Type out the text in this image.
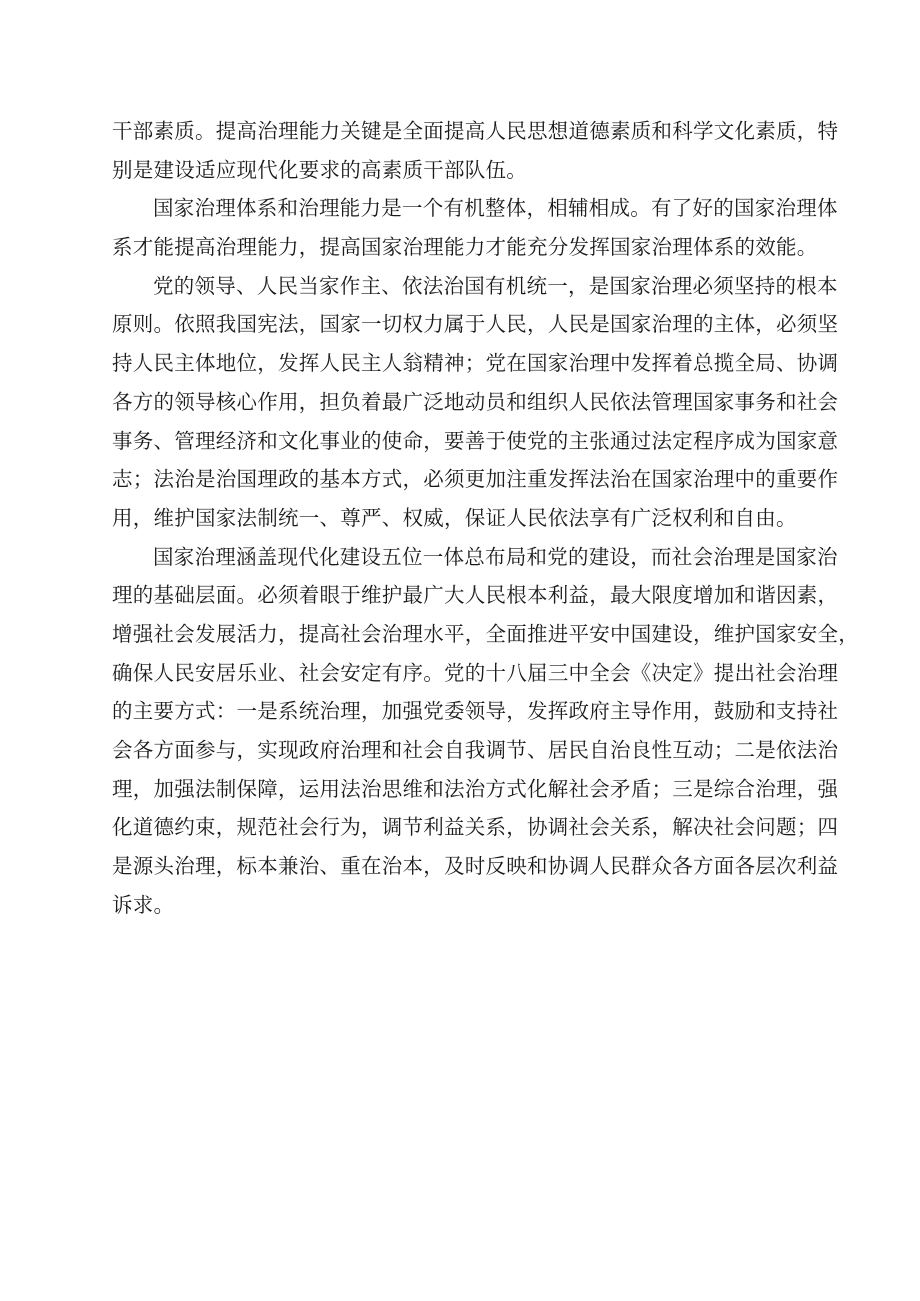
干部素质。提高治理能力关键是全面提高人民思想道德素质和科学文化素质，特
别是建设适应现代化要求的高素质干部队伍。
国家治理体系和治理能力是一个有机整体，相辅相成。有了好的国家治理体
系才能提高治理能力，提高国家治理能力才能充分发挥国家治理体系的效能。
党的领导、人民当家作主、依法治国有机统一，是国家治理必须坚持的根本
原则。依照我国宪法，国家一切权力属于人民，人民是国家治理的主体，必须坚
持人民主体地位，发挥人民主人翁精神；党在国家治理中发挥着总揽全局、协调
各方的领导核心作用，担负着最广泛地动员和组织人民依法管理国家事务和社会
事务、管理经济和文化事业的使命，要善于使党的主张通过法定程序成为国家意
志；法治是治国理政的基本方式，必须更加注重发挥法治在国家治理中的重要作
用，维护国家法制统一、尊严、权威，保证人民依法享有广泛权利和自由。
国家治理涵盖现代化建设五位一体总布局和党的建设，而社会治理是国家治
理的基础层面。必须着眼于维护最广大人民根本利益，最大限度增加和谐因素，
增强社会发展活力，提高社会治理水平，全面推进平安中国建设，维护国家安全，
确保人民安居乐业、社会安定有序。党的十八届三中全会《决定》提出社会治理
的主要方式：一是系统治理，加强党委领导，发挥政府主导作用，鼓励和支持社
会各方面参与，实现政府治理和社会自我调节、居民自治良性互动；二是依法治
理，加强法制保障，运用法治思维和法治方式化解社会矛盾；三是综合治理，强
化道德约束，规范社会行为，调节利益关系，协调社会关系，解决社会问题；四
是源头治理，标本兼治、重在治本，及时反映和协调人民群众各方面各层次利益
诉求。
